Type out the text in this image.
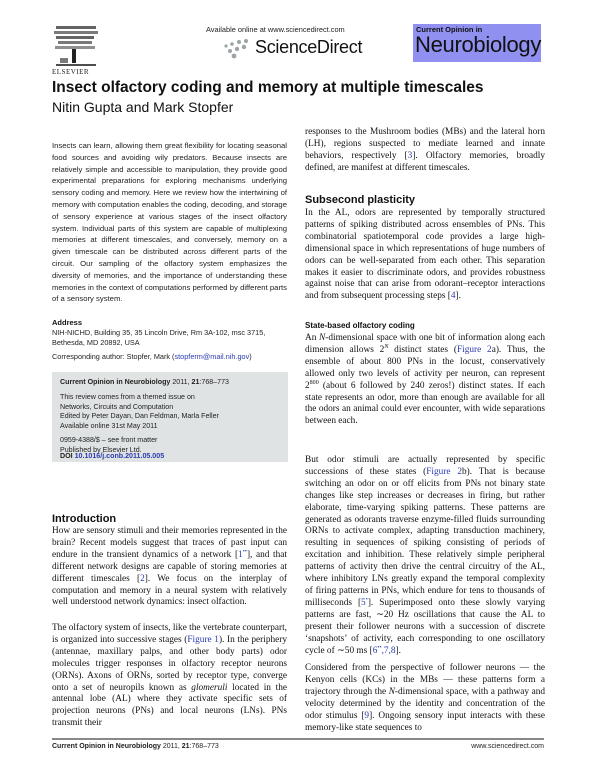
ELSEVIER
Available online at www.sciencedirect.com
ScienceDirect
Current Opinion in
Neurobiology
Insect olfactory coding and memory at multiple timescales
Nitin Gupta and Mark Stopfer
Insects can learn, allowing them great flexibility for locating seasonal food sources and avoiding wily predators. Because insects are relatively simple and accessible to manipulation, they provide good experimental preparations for exploring mechanisms underlying sensory coding and memory. Here we review how the intertwining of memory with computation enables the coding, decoding, and storage of sensory experience at various stages of the insect olfactory system. Individual parts of this system are capable of multiplexing memories at different timescales, and conversely, memory on a given timescale can be distributed across different parts of the circuit. Our sampling of the olfactory system emphasizes the diversity of memories, and the importance of understanding these memories in the context of computations performed by different parts of a sensory system.
Address
NIH-NICHD, Building 35, 35 Lincoln Drive, Rm 3A-102, msc 3715,
Bethesda, MD 20892, USA
Corresponding author: Stopfer, Mark (stopferm@mail.nih.gov)
Current Opinion in Neurobiology 2011, 21:768–773
This review comes from a themed issue on
Networks, Circuits and Computation
Edited by Peter Dayan, Dan Feldman, Marla Feller
Available online 31st May 2011
0959-4388/$ – see front matter
Published by Elsevier Ltd.
DOI 10.1016/j.conb.2011.05.005
Introduction
How are sensory stimuli and their memories represented in the brain? Recent models suggest that traces of past input can endure in the transient dynamics of a network [1••], and that different network designs are capable of storing memories at different timescales [2]. We focus on the interplay of computation and memory in a neural system with relatively well understood network dynamics: insect olfaction.
The olfactory system of insects, like the vertebrate counterpart, is organized into successive stages (Figure 1). In the periphery (antennae, maxillary palps, and other body parts) odor molecules trigger responses in olfactory receptor neurons (ORNs). Axons of ORNs, sorted by receptor type, converge onto a set of neuropils known as glomeruli located in the antennal lobe (AL) where they activate specific sets of projection neurons (PNs) and local neurons (LNs). PNs transmit their
responses to the Mushroom bodies (MBs) and the lateral horn (LH), regions suspected to mediate learned and innate behaviors, respectively [3]. Olfactory memories, broadly defined, are manifest at different timescales.
Subsecond plasticity
In the AL, odors are represented by temporally structured patterns of spiking distributed across ensembles of PNs. This combinatorial spatiotemporal code provides a large high-dimensional space in which representations of huge numbers of odors can be well-separated from each other. This separation makes it easier to discriminate odors, and provides robustness against noise that can arise from odorant–receptor interactions and from subsequent processing steps [4].
State-based olfactory coding
An N-dimensional space with one bit of information along each dimension allows $2^N$ distinct states (Figure 2a). Thus, the ensemble of about 800 PNs in the locust, conservatively allowed only two levels of activity per neuron, can represent $2^{800}$ (about 6 followed by 240 zeros!) distinct states. If each state represents an odor, more than enough are available for all the odors an animal could ever encounter, with wide separations between each.
But odor stimuli are actually represented by specific successions of these states (Figure 2b). That is because switching an odor on or off elicits from PNs not binary state changes like step increases or decreases in firing, but rather elaborate, time-varying spiking patterns. These patterns are generated as odorants traverse enzyme-filled fluids surrounding ORNs to activate complex, adapting transduction machinery, resulting in sequences of spiking consisting of periods of excitation and inhibition. These relatively simple peripheral patterns of activity then drive the central circuitry of the AL, where inhibitory LNs greatly expand the temporal complexity of firing patterns in PNs, which endure for tens to thousands of milliseconds [5•]. Superimposed onto these slowly varying patterns are fast, ∼20 Hz oscillations that cause the AL to present their follower neurons with a succession of discrete ‘snapshots’ of activity, each corresponding to one oscillatory cycle of ∼50 ms [6••,7,8].
Considered from the perspective of follower neurons — the Kenyon cells (KCs) in the MBs — these patterns form a trajectory through the N-dimensional space, with a pathway and velocity determined by the identity and concentration of the odor stimulus [9]. Ongoing sensory input interacts with these memory-like state sequences to
Current Opinion in Neurobiology 2011, 21:768–773	www.sciencedirect.com
